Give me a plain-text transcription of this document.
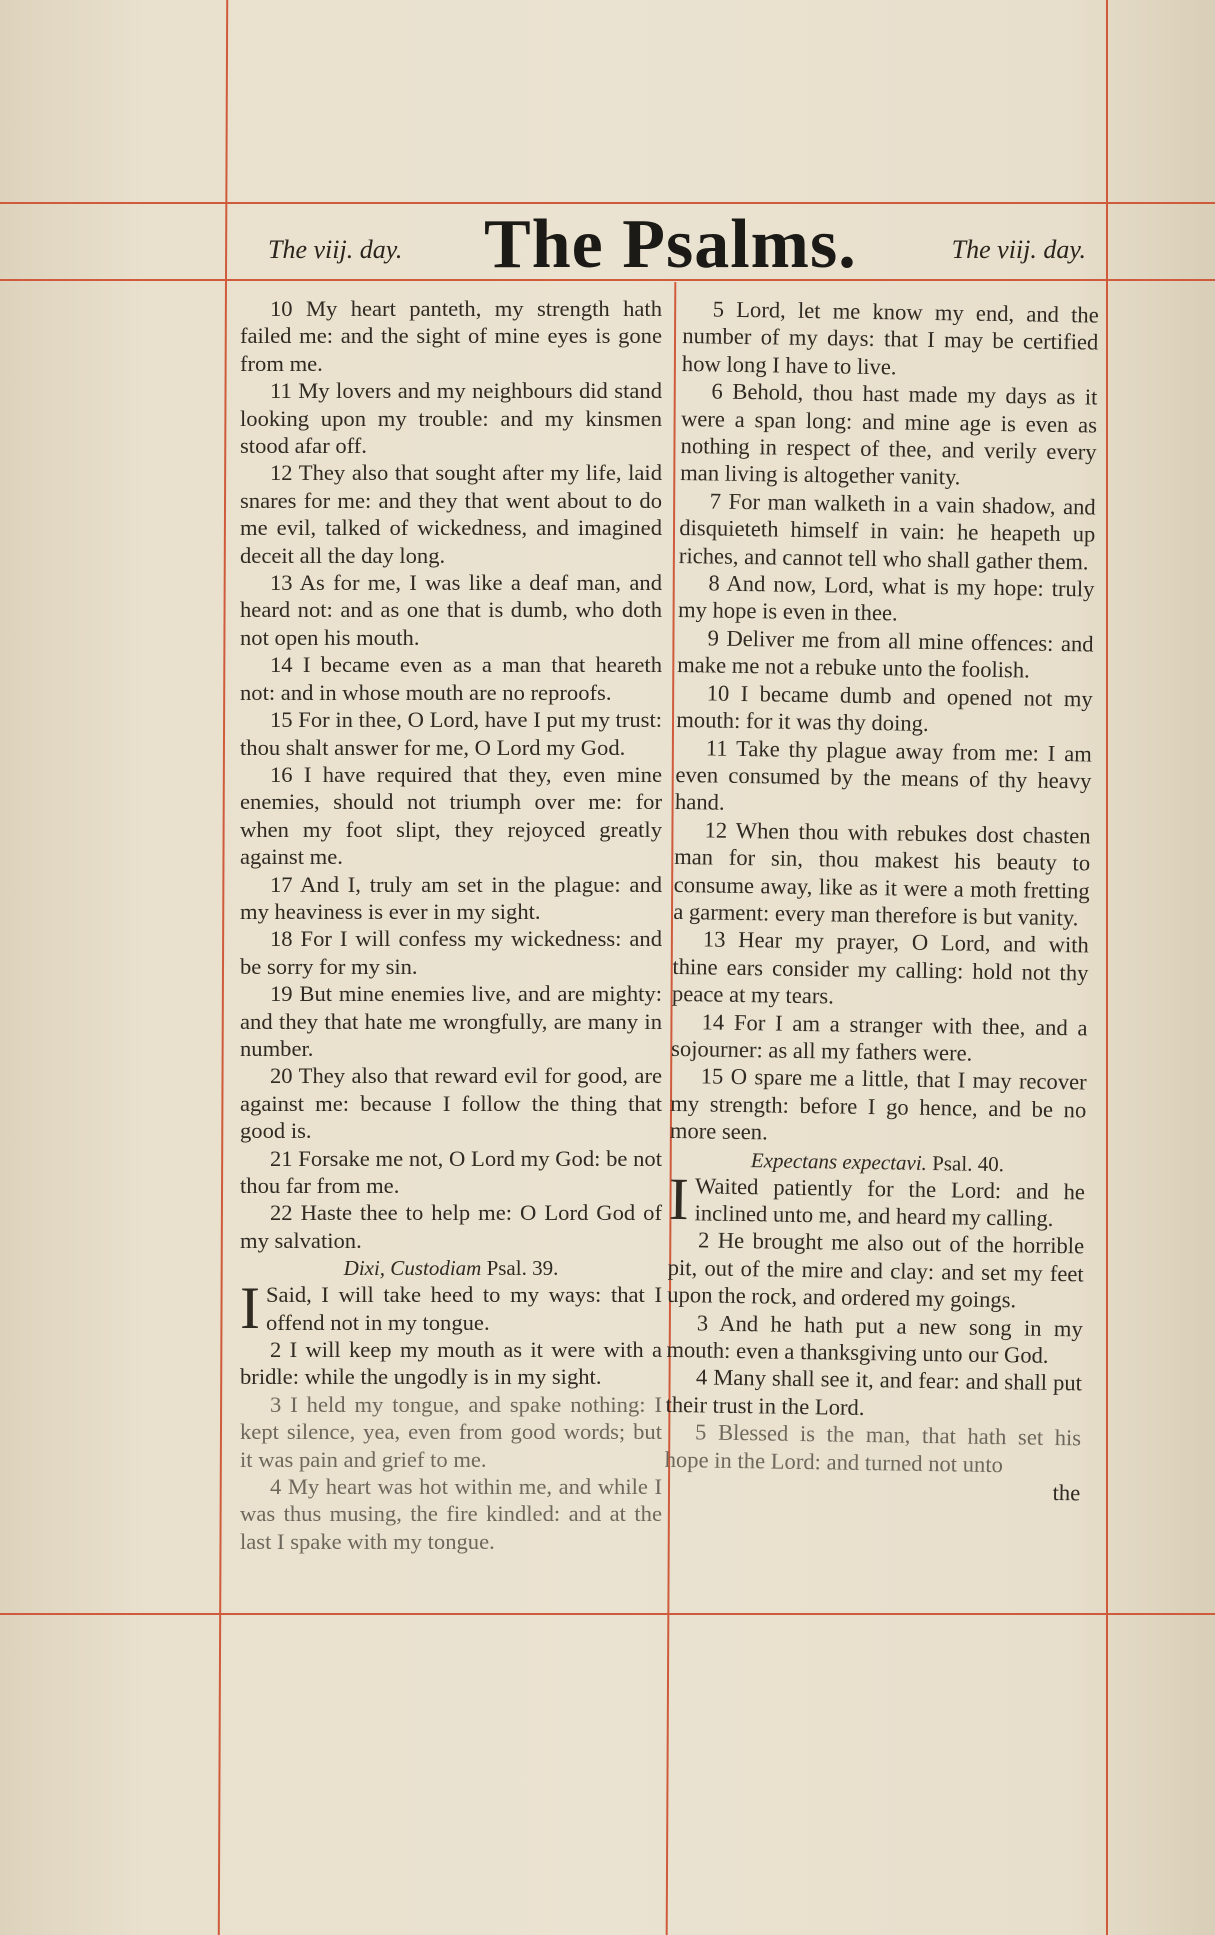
The viij. day. The Psalms.	The viij. day.

10 My heart panteth, my strength hath failed me: and the sight of mine eyes is gone from me.

11 My lovers and my neighbours did stand looking upon my trouble: and my kinsmen stood afar off.

12 They also that sought after my life, laid snares for me: and they that went about to do me evil, talked of wickedness, and imagined deceit all the day long.

13 As for me, I was like a deaf man, and heard not: and as one that is dumb, who doth not open his mouth.

14 I became even as a man that heareth not: and in whose mouth are no reproofs.

15 For in thee, O Lord, have I put my trust: thou shalt answer for me, O Lord my God.

16 I have required that they, even mine enemies, should not triumph over me: for when my foot slipt, they rejoyced greatly against me.

17 And I, truly am set in the plague: and my heaviness is ever in my sight.

18 For I will confess my wickedness: and be sorry for my sin.

19 But mine enemies live, and are mighty: and they that hate me wrongfully, are many in number.

20 They also that reward evil for good, are against me: because I follow the thing that good is.

21 Forsake me not, O Lord my God: be not thou far from me.

22 Haste thee to help me: O Lord God of my salvation.

Dixi, Custodiam Psal. 39.

I Said, I will take heed to my ways: that I offend not in my tongue.

2 I will keep my mouth as it were with a bridle: while the ungodly is in my sight.

3 I held my tongue, and spake nothing: I kept silence, yea, even from good words; but it was pain and grief to me.

4 My heart was hot within me, and while I was thus musing, the fire kindled: and at the last I spake with my tongue.

5 Lord, let me know my end, and the number of my days: that I may be certified how long I have to live.

6 Behold, thou hast made my days as it were a span long: and mine age is even as nothing in respect of thee, and verily every man living is altogether vanity.

7 For man walketh in a vain shadow, and disquieteth himself in vain: he heapeth up riches, and cannot tell who shall gather them.

8 And now, Lord, what is my hope: truly my hope is even in thee.

9 Deliver me from all mine offences: and make me not a rebuke unto the foolish.

10 I became dumb and opened not my mouth: for it was thy doing.

11 Take thy plague away from me: I am even consumed by the means of thy heavy hand.

12 When thou with rebukes dost chasten man for sin, thou makest his beauty to consume away, like as it were a moth fretting a garment: every man therefore is but vanity.

13 Hear my prayer, O Lord, and with thine ears consider my calling: hold not thy peace at my tears.

14 For I am a stranger with thee, and a sojourner: as all my fathers were.

15 O spare me a little, that I may recover my strength: before I go hence, and be no more seen.

Expectans expectavi. Psal. 40.

I Waited patiently for the Lord: and he inclined unto me, and heard my calling.

2 He brought me also out of the horrible pit, out of the mire and clay: and set my feet upon the rock, and ordered my goings.

3 And he hath put a new song in my mouth: even a thanksgiving unto our God.

4 Many shall see it, and fear: and shall put their trust in the Lord.

5 Blessed is the man, that hath set his hope in the Lord: and turned not unto

the
